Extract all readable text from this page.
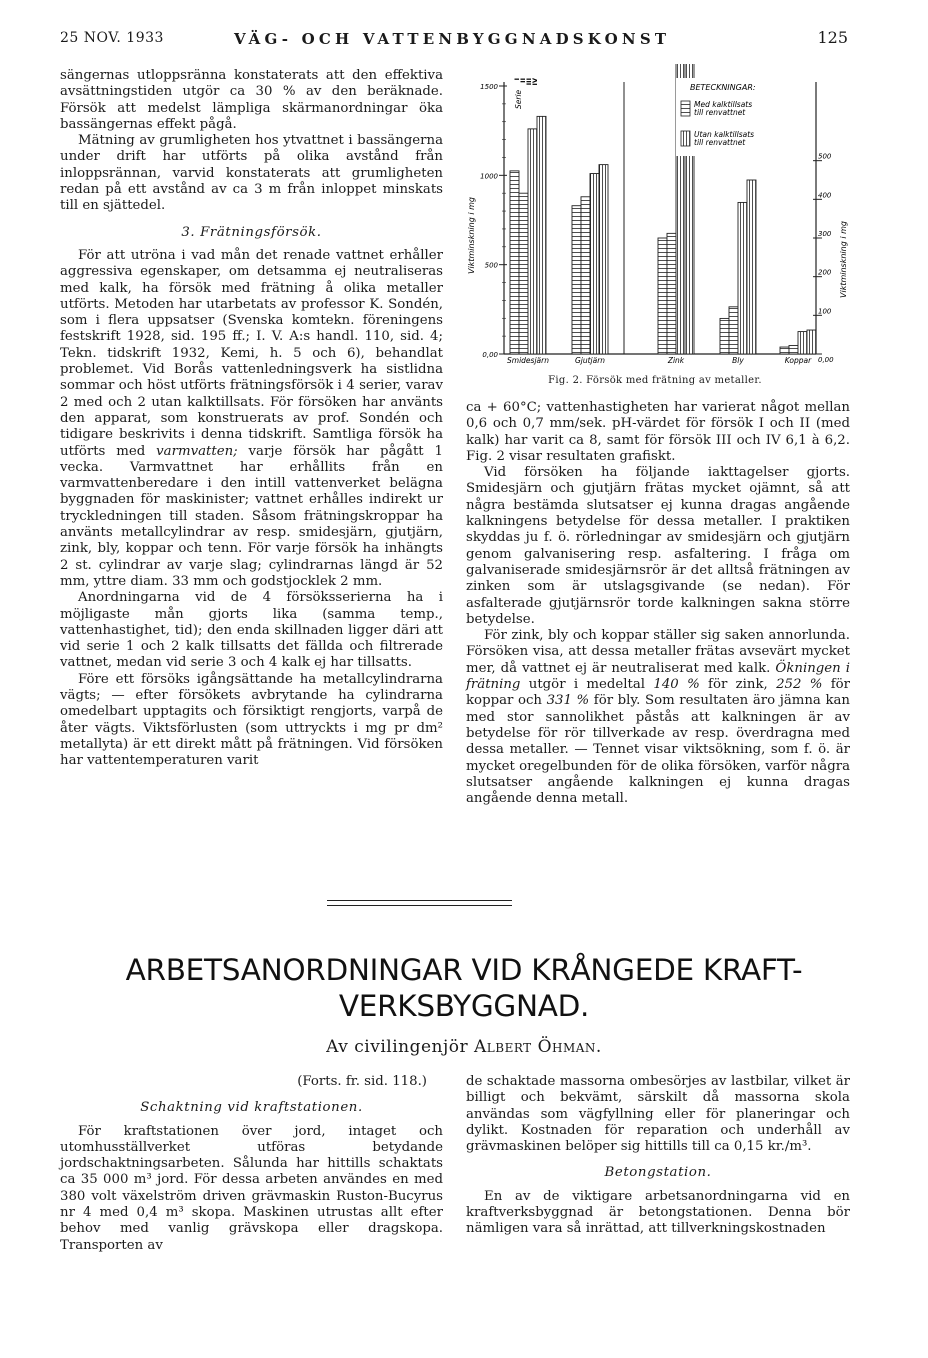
25 NOV. 1933	VÄG- OCH VATTENBYGGNADSKONST	125

sängernas utloppsränna konstaterats att den effektiva avsättningstiden utgör ca 30 % av den beräknade. Försök att medelst lämpliga skärmanordningar öka bassängernas effekt pågå.

Mätning av grumligheten hos ytvattnet i bassängerna under drift har utförts på olika avstånd från inloppsrännan, varvid konstaterats att grumligheten redan på ett avstånd av ca 3 m från inloppet minskats till en sjättedel.

3. Frätningsförsök.

För att utröna i vad mån det renade vattnet erhåller aggressiva egenskaper, om detsamma ej neutraliseras med kalk, ha försök med frätning å olika metaller utförts. Metoden har utarbetats av professor K. Sondén, som i flera uppsatser (Svenska komtekn. föreningens festskrift 1928, sid. 195 ff.; I. V. A:s handl. 110, sid. 4; Tekn. tidskrift 1932, Kemi, h. 5 och 6), behandlat problemet. Vid Borås vattenledningsverk ha sistlidna sommar och höst utförts frätningsförsök i 4 serier, varav 2 med och 2 utan kalktillsats. För försöken har använts den apparat, som konstruerats av prof. Sondén och tidigare beskrivits i denna tidskrift. Samtliga försök ha utförts med varmvatten; varje försök har pågått 1 vecka. Varmvattnet har erhållits från en varmvattenberedare i den intill vattenverket belägna byggnaden för maskinister; vattnet erhålles indirekt ur tryckledningen till staden. Såsom frätningskroppar ha använts metallcylindrar av resp. smidesjärn, gjutjärn, zink, bly, koppar och tenn. För varje försök ha inhängts 2 st. cylindrar av varje slag; cylindrarnas längd är 52 mm, yttre diam. 33 mm och godstjocklek 2 mm.

Anordningarna vid de 4 försöksserierna ha i möjligaste mån gjorts lika (samma temp., vattenhastighet, tid); den enda skillnaden ligger däri att vid serie 1 och 2 kalk tillsatts det fällda och filtrerade vattnet, medan vid serie 3 och 4 kalk ej har tillsatts.

Före ett försöks igångsättande ha metallcylindrarna vägts; — efter försökets avbrytande ha cylindrarna omedelbart upptagits och försiktigt rengjorts, varpå de åter vägts. Viktsförlusten (som uttryckts i mg pr dm² metallyta) är ett direkt mått på frätningen. Vid försöken har vattentemperaturen varit

0,00
500
1000
1500
0,00
100
200
300
400
500
Viktminskning i mg	Viktminskning i mg
Serie
I
II
III
IV
Smidesjärn	Gjutjärn	Zink	Bly	Koppar
BETECKNINGAR:
Med kalktillsats
till renvattnet
Utan kalktillsats
till renvattnet
Fig. 2. Försök med frätning av metaller.

ca + 60°C; vattenhastigheten har varierat något mellan 0,6 och 0,7 mm/sek. pH-värdet för försök I och II (med kalk) har varit ca 8, samt för försök III och IV 6,1 à 6,2. Fig. 2 visar resultaten grafiskt.

Vid försöken ha följande iakttagelser gjorts. Smidesjärn och gjutjärn frätas mycket ojämnt, så att några bestämda slutsatser ej kunna dragas angående kalkningens betydelse för dessa metaller. I praktiken skyddas ju f. ö. rörledningar av smidesjärn och gjutjärn genom galvanisering resp. asfaltering. I fråga om galvaniserade smidesjärnsrör är det alltså frätningen av zinken som är utslagsgivande (se nedan). För asfalterade gjutjärnsrör torde kalkningen sakna större betydelse.

För zink, bly och koppar ställer sig saken annorlunda. Försöken visa, att dessa metaller frätas avsevärt mycket mer, då vattnet ej är neutraliserat med kalk. Ökningen i frätning utgör i medeltal 140 % för zink, 252 % för koppar och 331 % för bly. Som resultaten äro jämna kan med stor sannolikhet påstås att kalkningen är av betydelse för rör tillverkade av resp. överdragna med dessa metaller. — Tennet visar viktsökning, som f. ö. är mycket oregelbunden för de olika försöken, varför några slutsatser angående kalkningen ej kunna dragas angående denna metall.

ARBETSANORDNINGAR VID KRÅNGEDE KRAFT-
VERKSBYGGNAD.
Av civilingenjör Albert Öhman.
(Forts. fr. sid. 118.)
Schaktning vid kraftstationen.

För kraftstationen över jord, intaget och utomhusställverket utföras betydande jordschaktningsarbeten. Sålunda har hittills schaktats ca 35 000 m³ jord. För dessa arbeten användes en med 380 volt växelström driven grävmaskin Ruston-Bucyrus nr 4 med 0,4 m³ skopa. Maskinen utrustas allt efter behov med vanlig grävskopa eller dragskopa. Transporten av

de schaktade massorna ombesörjes av lastbilar, vilket är billigt och bekvämt, särskilt då massorna skola användas som vägfyllning eller för planeringar och dylikt. Kostnaden för reparation och underhåll av grävmaskinen belöper sig hittills till ca 0,15 kr./m³.

Betongstation.

En av de viktigare arbetsanordningarna vid en kraftverksbyggnad är betongstationen. Denna bör nämligen vara så inrättad, att tillverkningskostnaden
